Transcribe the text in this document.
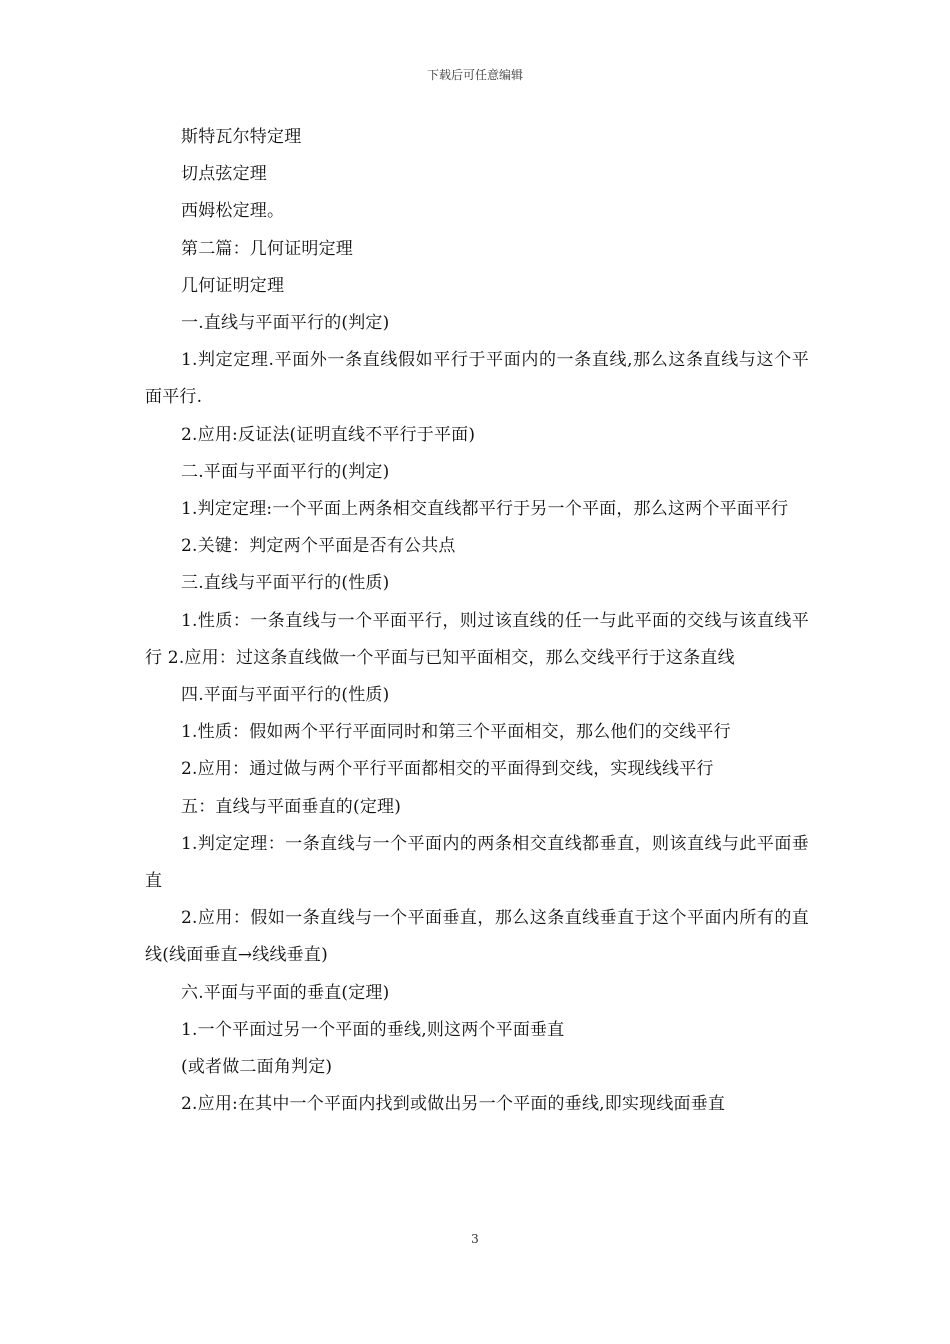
下载后可任意编辑

斯特瓦尔特定理

切点弦定理

西姆松定理。

第二篇：几何证明定理

几何证明定理

一.直线与平面平行的(判定)

1.判定定理.平面外一条直线假如平行于平面内的一条直线,那么这条直线与这个平面平行.

2.应用:反证法(证明直线不平行于平面)

二.平面与平面平行的(判定)

1.判定定理:一个平面上两条相交直线都平行于另一个平面，那么这两个平面平行

2.关键：判定两个平面是否有公共点

三.直线与平面平行的(性质)

1.性质：一条直线与一个平面平行，则过该直线的任一与此平面的交线与该直线平行 2.应用：过这条直线做一个平面与已知平面相交，那么交线平行于这条直线

四.平面与平面平行的(性质)

1.性质：假如两个平行平面同时和第三个平面相交，那么他们的交线平行

2.应用：通过做与两个平行平面都相交的平面得到交线，实现线线平行

五：直线与平面垂直的(定理)

1.判定定理：一条直线与一个平面内的两条相交直线都垂直，则该直线与此平面垂直

2.应用：假如一条直线与一个平面垂直，那么这条直线垂直于这个平面内所有的直线(线面垂直→线线垂直)

六.平面与平面的垂直(定理)

1.一个平面过另一个平面的垂线,则这两个平面垂直

(或者做二面角判定)

2.应用:在其中一个平面内找到或做出另一个平面的垂线,即实现线面垂直

3
